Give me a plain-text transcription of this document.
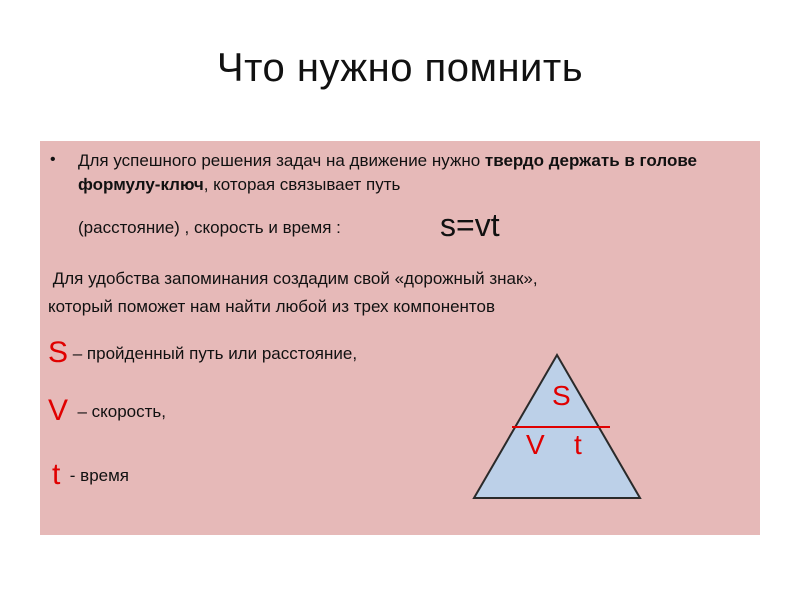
Что нужно помнить
• Для успешного решения задач на движение нужно твердо держать в голове формулу-ключ, которая связывает путь
(расстояние) , скорость и время :	s=vt
Для удобства запоминания создадим свой «дорожный знак»,
который поможет нам найти любой из трех компонентов
S – пройденный путь или расстояние,
V  – скорость,
t  - время
S
V t
